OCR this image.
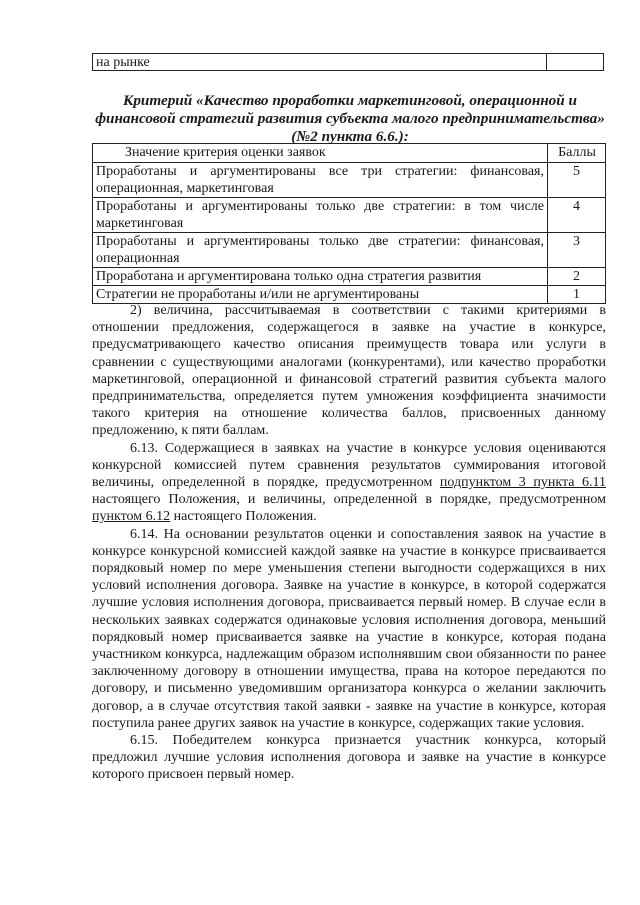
на рынке	
Критерий «Качество проработки маркетинговой, операционной и финансовой стратегий развития субъекта малого предпринимательства» (№2 пункта 6.6.):
Значение критерия оценки заявок	Баллы
Проработаны и аргументированы все три стратегии: финансовая, операционная, маркетинговая	5
Проработаны и аргументированы только две стратегии: в том числе маркетинговая	4
Проработаны и аргументированы только две стратегии: финансовая, операционная	3
Проработана и аргументирована только одна стратегия развития	2
Стратегии не проработаны и/или не аргументированы	1

2) величина, рассчитываемая в соответствии с такими критериями в отношении предложения, содержащегося в заявке на участие в конкурсе, предусматривающего качество описания преимуществ товара или услуги в сравнении с существующими аналогами (конкурентами), или качество проработки маркетинговой, операционной и финансовой стратегий развития субъекта малого предпринимательства, определяется путем умножения коэффициента значимости такого критерия на отношение количества баллов, присвоенных данному предложению, к пяти баллам.

6.13. Содержащиеся в заявках на участие в конкурсе условия оцениваются конкурсной комиссией путем сравнения результатов суммирования итоговой величины, определенной в порядке, предусмотренном подпунктом 3 пункта 6.11 настоящего Положения, и величины, определенной в порядке, предусмотренном пунктом 6.12 настоящего Положения.

6.14. На основании результатов оценки и сопоставления заявок на участие в конкурсе конкурсной комиссией каждой заявке на участие в конкурсе присваивается порядковый номер по мере уменьшения степени выгодности содержащихся в них условий исполнения договора. Заявке на участие в конкурсе, в которой содержатся лучшие условия исполнения договора, присваивается первый номер. В случае если в нескольких заявках содержатся одинаковые условия исполнения договора, меньший порядковый номер присваивается заявке на участие в конкурсе, которая подана участником конкурса, надлежащим образом исполнявшим свои обязанности по ранее заключенному договору в отношении имущества, права на которое передаются по договору, и письменно уведомившим организатора конкурса о желании заключить договор, а в случае отсутствия такой заявки - заявке на участие в конкурсе, которая поступила ранее других заявок на участие в конкурсе, содержащих такие условия.

6.15. Победителем конкурса признается участник конкурса, который предложил лучшие условия исполнения договора и заявке на участие в конкурсе которого присвоен первый номер.
